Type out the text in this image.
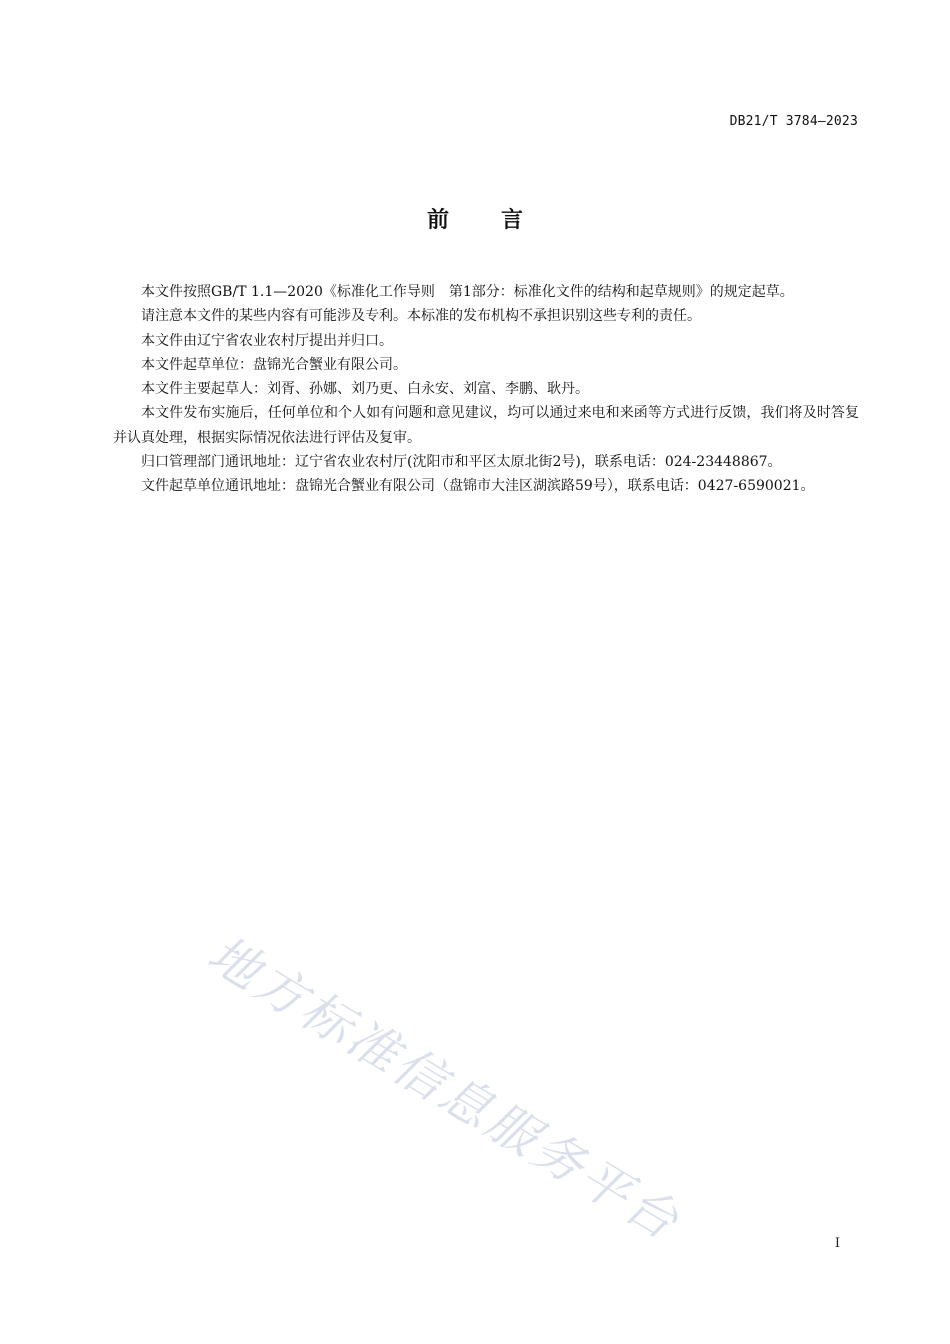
DB21/T 3784—2023
前 言

本文件按照GB/T 1.1—2020《标准化工作导则　第1部分：标准化文件的结构和起草规则》的规定起草。

请注意本文件的某些内容有可能涉及专利。本标准的发布机构不承担识别这些专利的责任。

本文件由辽宁省农业农村厅提出并归口。

本文件起草单位：盘锦光合蟹业有限公司。

本文件主要起草人：刘胥、孙娜、刘乃更、白永安、刘富、李鹏、耿丹。

本文件发布实施后，任何单位和个人如有问题和意见建议，均可以通过来电和来函等方式进行反馈，我们将及时答复并认真处理，根据实际情况依法进行评估及复审。

归口管理部门通讯地址：辽宁省农业农村厅(沈阳市和平区太原北街2号)，联系电话：024-23448867。

文件起草单位通讯地址：盘锦光合蟹业有限公司（盘锦市大洼区湖滨路59号），联系电话：0427-6590021。

地方标准信息服务平台	I
